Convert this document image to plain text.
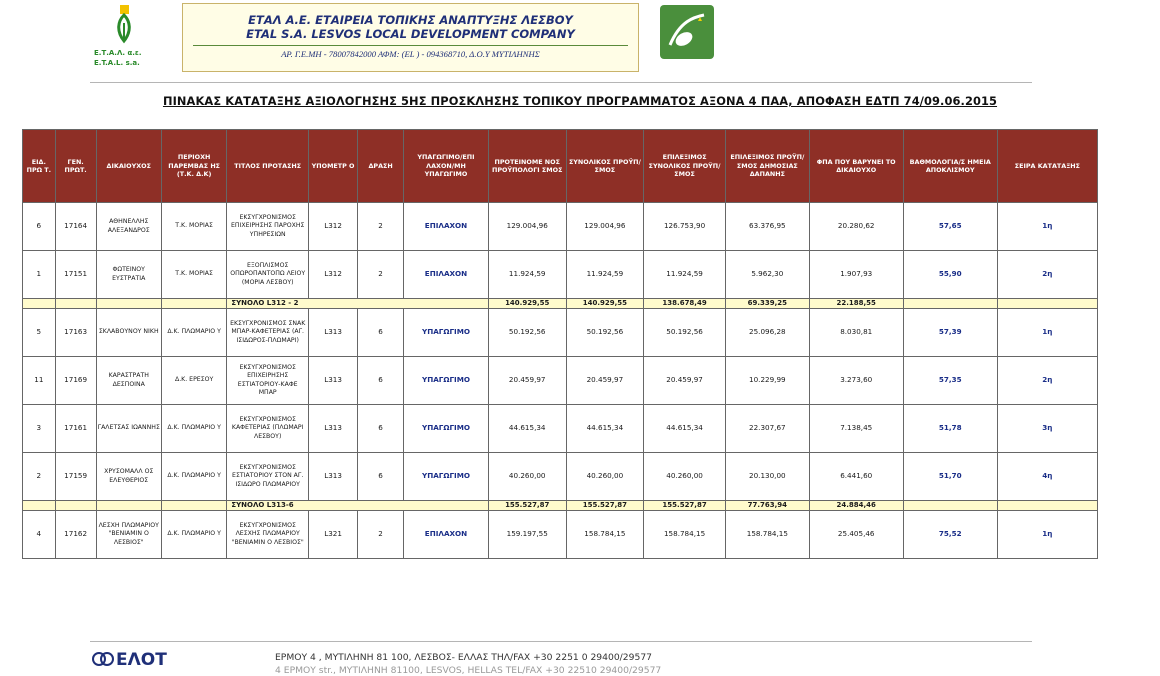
Ε.Τ.Α.Λ. α.ε.
E.T.A.L. s.a.
ΕΤΑΛ Α.Ε. ΕΤΑΙΡΕΙΑ ΤΟΠΙΚΗΣ ΑΝΑΠΤΥΞΗΣ ΛΕΣΒΟΥ
ETAL S.A. LESVOS LOCAL DEVELOPMENT COMPANY
ΑΡ. Γ.Ε.ΜΗ - 78007842000 ΑΦΜ: (EL ) - 094368710, Δ.Ο.Υ ΜΥΤΙΛΗΝΗΣ
ΠΙΝΑΚΑΣ ΚΑΤΑΤΑΞΗΣ ΑΞΙΟΛΟΓΗΣΗΣ 5ΗΣ ΠΡΟΣΚΛΗΣΗΣ ΤΟΠΙΚΟΥ ΠΡΟΓΡΑΜΜΑΤΟΣ ΑΞΟΝΑ 4 ΠΑΑ, ΑΠΟΦΑΣΗ ΕΔΤΠ 74/09.06.2015
ΕΙΔ. ΠΡΩ Τ.	ΓΕΝ. ΠΡΩΤ.	ΔΙΚΑΙΟΥΧΟΣ	ΠΕΡΙΟΧΗ ΠΑΡΕΜΒΑΣ ΗΣ (Τ.Κ. Δ.Κ)	ΤΙΤΛΟΣ ΠΡΟΤΑΣΗΣ	ΥΠΟΜΕΤΡ Ο	ΔΡΑΣΗ	ΥΠΑΓΩΓΙΜΟ/ΕΠΙ ΛΑΧΟΝ/ΜΗ ΥΠΑΓΩΓΙΜΟ	ΠΡΟΤΕΙΝΟΜΕ ΝΟΣ ΠΡΟΫΠΟΛΟΓΙ ΣΜΟΣ	ΣΥΝΟΛΙΚΟΣ ΠΡΟΫΠ/ΣΜΟΣ	ΕΠΙΛΕΞΙΜΟΣ ΣΥΝΟΛΙΚΟΣ ΠΡΟΫΠ/ΣΜΟΣ	ΕΠΙΛΕΞΙΜΟΣ ΠΡΟΫΠ/ΣΜΟΣ ΔΗΜΟΣΙΑΣ ΔΑΠΑΝΗΣ	ΦΠΑ ΠΟΥ ΒΑΡΥΝΕΙ ΤΟ ΔΙΚΑΙΟΥΧΟ	ΒΑΘΜΟΛΟΓΙΑ/Σ ΗΜΕΙΑ ΑΠΟΚΛΙΣΜΟΥ	ΣΕΙΡΑ ΚΑΤΑΤΑΞΗΣ
6	17164	ΑΘΗΝΕΛΛΗΣ ΑΛΕΞΑΝΔΡΟΣ	Τ.Κ. ΜΟΡΙΑΣ	ΕΚΣΥΓΧΡΟΝΙΣΜΟΣ ΕΠΙΧΕΙΡΗΣΗΣ ΠΑΡΟΧΗΣ ΥΠΗΡΕΣΙΩΝ	L312	2	ΕΠΙΛΑΧΟΝ	129.004,96	129.004,96	126.753,90	63.376,95	20.280,62	57,65	1η
1	17151	ΦΩΤΕΙΝΟΥ ΕΥΣΤΡΑΤΙΑ	Τ.Κ. ΜΟΡΙΑΣ	ΕΞΟΠΛΙΣΜΟΣ ΟΠΩΡΟΠΑΝΤΟΠΩ ΛΕΙΟΥ (ΜΟΡΙΑ ΛΕΣΒΟΥ)	L312	2	ΕΠΙΛΑΧΟΝ	11.924,59	11.924,59	11.924,59	5.962,30	1.907,93	55,90	2η
				ΣΥΝΟΛΟ L312 - 2				140.929,55	140.929,55	138.678,49	69.339,25	22.188,55		
5	17163	ΣΚΛΑΒΟΥΝΟΥ ΝΙΚΗ	Δ.Κ. ΠΛΩΜΑΡΙΟ Υ	ΕΚΣΥΓΧΡΟΝΙΣΜΟΣ ΣΝΑΚ ΜΠΑΡ-ΚΑΦΕΤΕΡΙΑΣ (ΑΓ. ΙΣΙΔΩΡΟΣ-ΠΛΩΜΑΡΙ)	L313	6	ΥΠΑΓΩΓΙΜΟ	50.192,56	50.192,56	50.192,56	25.096,28	8.030,81	57,39	1η
11	17169	ΚΑΡΑΣΤΡΑΤΗ ΔΕΣΠΟΙΝΑ	Δ.Κ. ΕΡΕΣΟΥ	ΕΚΣΥΓΧΡΟΝΙΣΜΟΣ ΕΠΙΧΕΙΡΗΣΗΣ ΕΣΤΙΑΤΟΡΙΟΥ-ΚΑΦΕ ΜΠΑΡ	L313	6	ΥΠΑΓΩΓΙΜΟ	20.459,97	20.459,97	20.459,97	10.229,99	3.273,60	57,35	2η
3	17161	ΓΑΛΕΤΣΑΣ ΙΩΑΝΝΗΣ	Δ.Κ. ΠΛΩΜΑΡΙΟ Υ	ΕΚΣΥΓΧΡΟΝΙΣΜΟΣ ΚΑΦΕΤΕΡΙΑΣ (ΠΛΩΜΑΡΙ ΛΕΣΒΟΥ)	L313	6	ΥΠΑΓΩΓΙΜΟ	44.615,34	44.615,34	44.615,34	22.307,67	7.138,45	51,78	3η
2	17159	ΧΡΥΣΟΜΑΛΛ ΟΣ ΕΛΕΥΘΕΡΙΟΣ	Δ.Κ. ΠΛΩΜΑΡΙΟ Υ	ΕΚΣΥΓΧΡΟΝΙΣΜΟΣ ΕΣΤΙΑΤΟΡΙΟΥ ΣΤΟΝ ΑΓ. ΙΣΙΔΩΡΟ ΠΛΩΜΑΡΙΟΥ	L313	6	ΥΠΑΓΩΓΙΜΟ	40.260,00	40.260,00	40.260,00	20.130,00	6.441,60	51,70	4η
				ΣΥΝΟΛΟ L313-6				155.527,87	155.527,87	155.527,87	77.763,94	24.884,46		
4	17162	ΛΕΣΧΗ ΠΛΩΜΑΡΙΟΥ "ΒΕΝΙΑΜΙΝ Ο ΛΕΣΒΙΟΣ"	Δ.Κ. ΠΛΩΜΑΡΙΟ Υ	ΕΚΣΥΓΧΡΟΝΙΣΜΟΣ ΛΕΣΧΗΣ ΠΛΩΜΑΡΙΟΥ "ΒΕΝΙΑΜΙΝ Ο ΛΕΣΒΙΟΣ"	L321	2	ΕΠΙΛΑΧΟΝ	159.197,55	158.784,15	158.784,15	158.784,15	25.405,46	75,52	1η
ΕΛΟΤ	ΕΡΜΟΥ 4 , ΜΥΤΙΛΗΝΗ 81 100, ΛΕΣΒΟΣ- ΕΛΛΑΣ ΤΗΛ/FAX +30 2251 0 29400/29577
4 ΕΡΜΟΥ str., ΜΥΤΙΛΗΝΗ 81100, LESVOS, HELLAS TEL/FAX +30 22510 29400/29577
